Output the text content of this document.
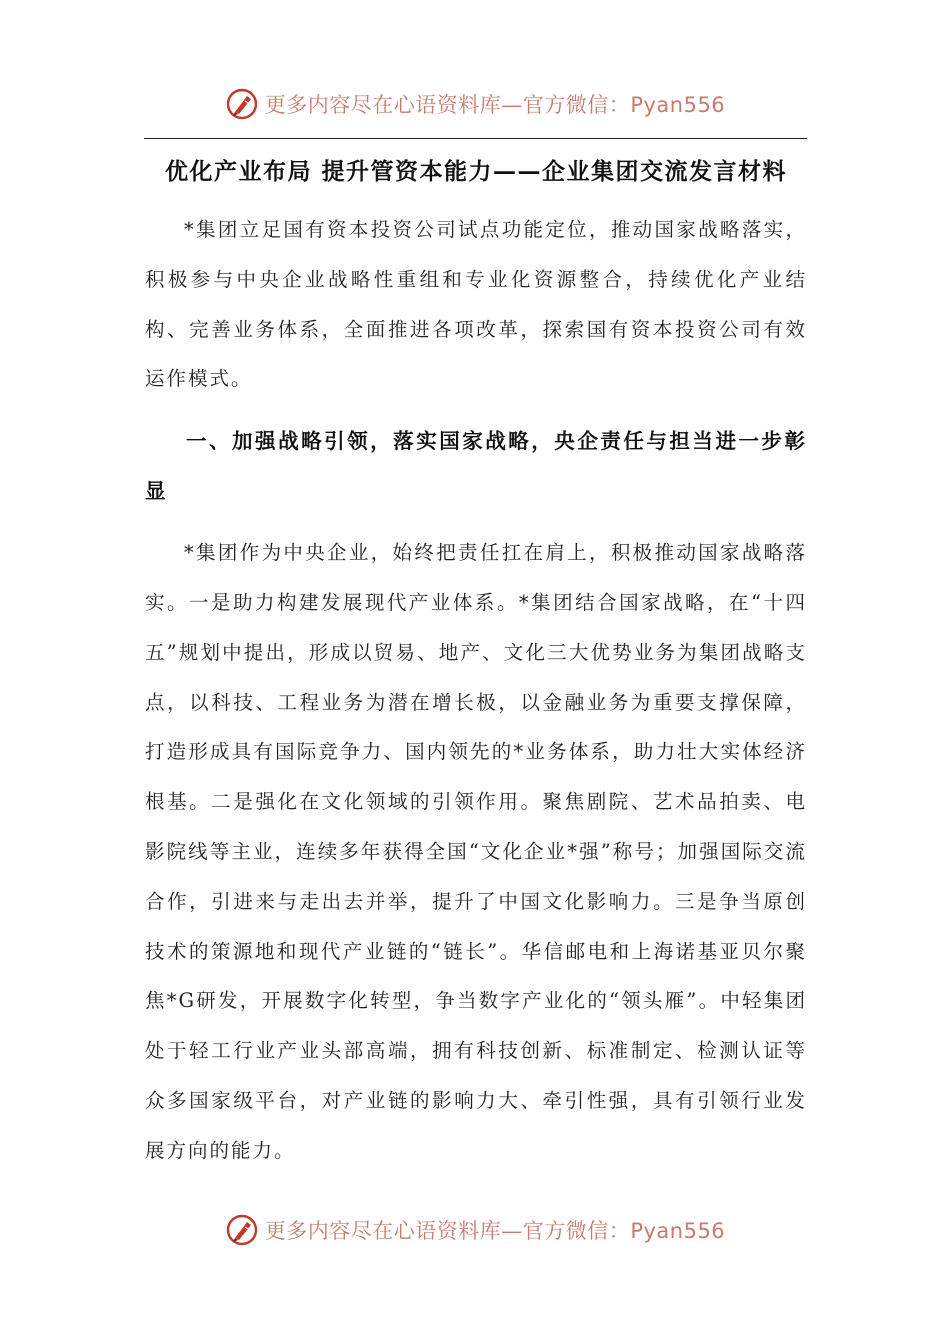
更多内容尽在心语资料库—官方微信：Pyan556
优化产业布局 提升管资本能力——企业集团交流发言材料

*集团立足国有资本投资公司试点功能定位，推动国家战略落实，积极参与中央企业战略性重组和专业化资源整合，持续优化产业结构、完善业务体系，全面推进各项改革，探索国有资本投资公司有效运作模式。

一、加强战略引领，落实国家战略，央企责任与担当进一步彰显

*集团作为中央企业，始终把责任扛在肩上，积极推动国家战略落实。一是助力构建发展现代产业体系。*集团结合国家战略，在“十四五”规划中提出，形成以贸易、地产、文化三大优势业务为集团战略支点，以科技、工程业务为潜在增长极，以金融业务为重要支撑保障，打造形成具有国际竞争力、国内领先的*业务体系，助力壮大实体经济根基。二是强化在文化领域的引领作用。聚焦剧院、艺术品拍卖、电影院线等主业，连续多年获得全国“文化企业*强”称号；加强国际交流合作，引进来与走出去并举，提升了中国文化影响力。三是争当原创技术的策源地和现代产业链的“链长”。华信邮电和上海诺基亚贝尔聚焦*G研发，开展数字化转型，争当数字产业化的“领头雁”。中轻集团处于轻工行业产业头部高端，拥有科技创新、标准制定、检测认证等众多国家级平台，对产业链的影响力大、牵引性强，具有引领行业发展方向的能力。

更多内容尽在心语资料库—官方微信：Pyan556
